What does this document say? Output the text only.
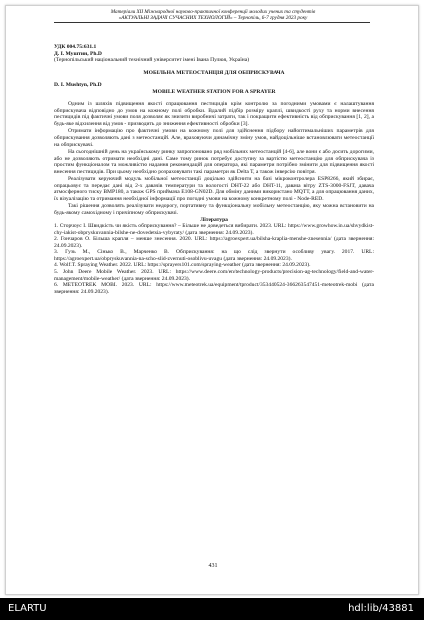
Матеріали XII Міжнародної науково-практичної конференції молодих учених та студентів
«АКТУАЛЬНІ ЗАДАЧІ СУЧАСНИХ ТЕХНОЛОГІЙ» – Тернопіль, 6-7 грудня 2023 року
УДК 004.75:631.1
Д. І. Муштин, Ph.D
(Тернопільський національний технічний університет імені Івана Пулюя, Україна)
МОБІЛЬНА МЕТЕОСТАНЦІЯ ДЛЯ ОБПРИСКУВАЧА
D. I. Mushtyn, Ph.D
MOBILE WEATHER STATION FOR A SPRAYER

Одним із шляхів підвищення якості спрацювання пестицидів крім контролю за погодними умовами є налаштування обприскувача відповідно до умов на кожному полі обробки. Вдалий підбір розміру краплі, швидкості руху та норми внесення пестицидів під фактичні умови поля дозволяє як знизити виробничі затрати, так і покращити ефективність від обприскування [1, 2], а будь-яке відхилення від умов - призводить до зниження ефективності обробки [3].

Отримати інформацію про фактичні умови на кожному полі для здійснення підбору найоптимальніших параметрів для обприскування дозволяють дані з метеостанцій. Але, враховуючи динамічну зміну умов, найдоцільніше встановлювати метеостанції на обприскувачі.

На сьогоднішній день на українському ринку запропоновано ряд мобільних метеостанцій [4-6], але вони є або досить дорогими, або не дозволяють отримати необхідні дані. Саме тому ринок потребує доступну за вартістю метеостанцію для обприскувача із простим функціоналом та можливістю надання рекомендацій для оператора, які параметри потрібно змінити для підвищення якості внесення пестицидів. При цьому необхідно розраховувати такі параметри як Delta T, а також інверсію повітря.

Реалізувати керуючий модуль мобільної метеостанції доцільно здійснити на базі мікроконтролера ESP8266, який збирає, опрацьовує та передає дані від 2-х давачів температури та вологості DHT-22 або DHT-11, давача вітру ZTS-3000-FSJT, давача атмосферного тиску BMP180, а також GPS приймача E108-GN02D. Для обміну даними використано MQTT, а для опрацювання даних, їх візуалізацію та отримання необхідної інформації про погодні умови на кожному конкретному полі - Node-RED.

Такі рішення дозволять реалізувати недорогу, портативну та функціональну мобільну метеостанцію, яку можна встановити на будь-якому самохідному і причіпному обприскувачі.

Література

1. Сторчоус І. Швидкість чи якість обприскування? – Більше не доведеться вибирати. 2023. URL: https://www.growhow.in.ua/shvydkist-chy-iakist-obpryskuvannia-bilshe-ne-dovedetsia-vybyraty/ (дата звернення: 24.09.2023).

2. Гончаров О. Більша крапля – менше знесення. 2020. URL: https://agroexpert.ua/bilsha-kraplia-menshe-znesennia/ (дата звернення: 24.09.2023).

3. Гузь М., Сінько В., Марченко В. Обприскування: на що слід звернути особливу увагу. 2017. URL: https://agroexpert.ua/obpryskuvannia-na-scho-slid-zvernuti-osoblivu-uvagu (дата звернення: 24.09.2023).

4. Wolf.T. Spraying Weather. 2022. URL: https://sprayers101.com/spraying-weather (дата звернення: 24.09.2023).

5. John Deere Mobile Weather. 2023. URL: https://www.deere.com/en/technology-products/precision-ag-technology/field-and-water-management/mobile-weather/ (дата звернення: 24.09.2023).

6. METEOTREK MOBI. 2023. URL: https://www.meteotrek.ua/equipment/tproduct/353440524-366263547451-meteotrek-mobi (дата звернення: 24.09.2023).

431
ELARTU	hdl:lib/43881
